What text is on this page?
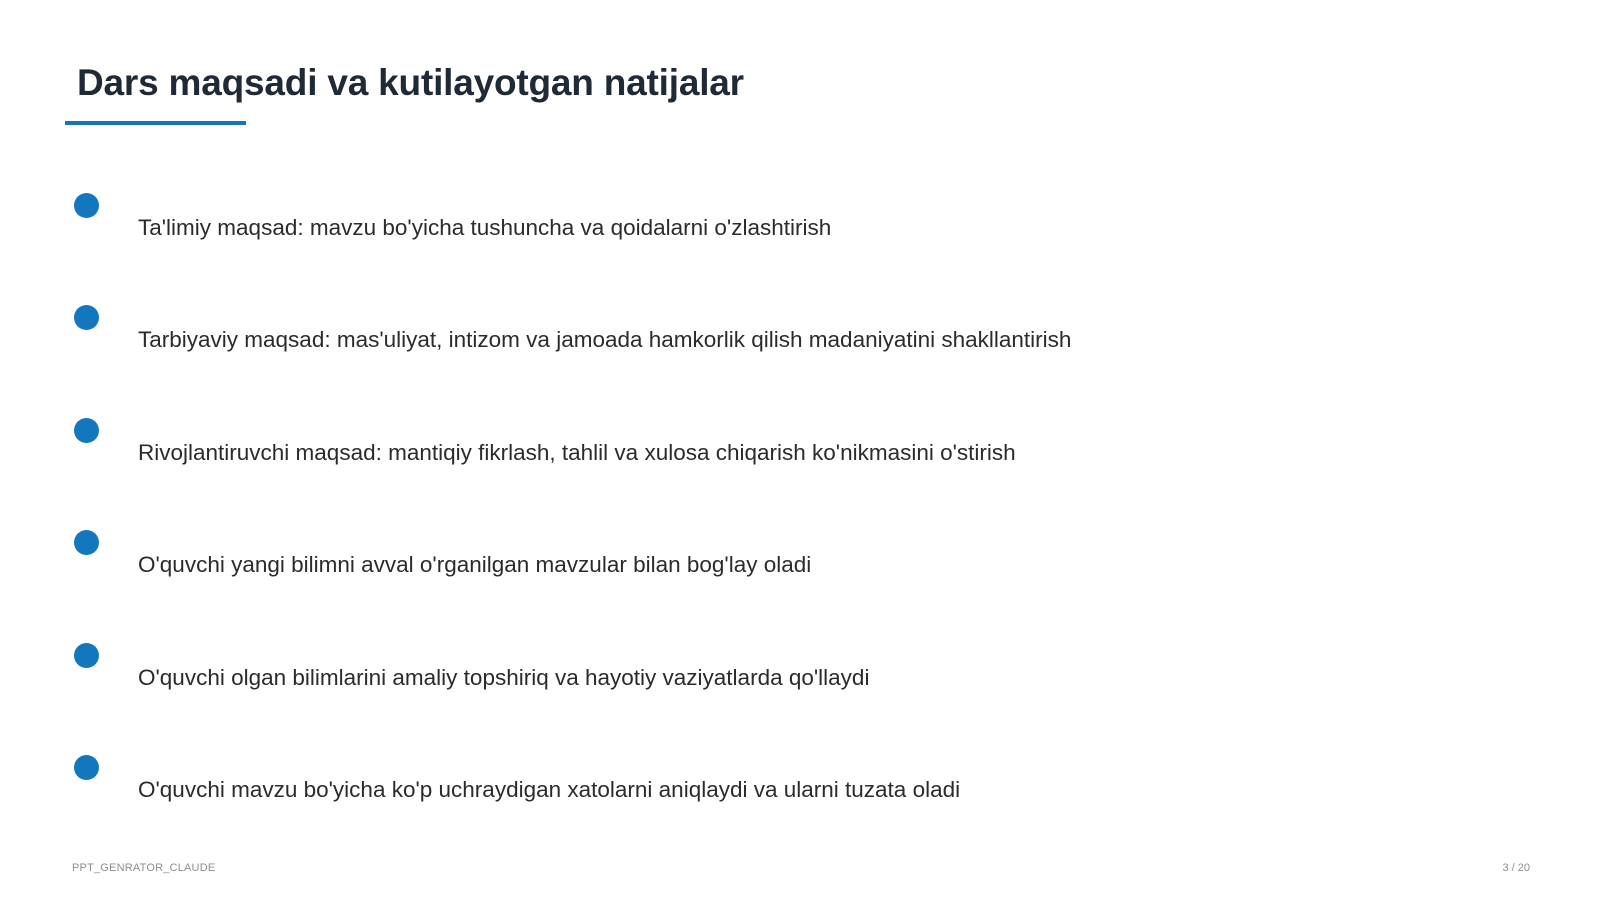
Dars maqsadi va kutilayotgan natijalar
Ta'limiy maqsad: mavzu bo'yicha tushuncha va qoidalarni o'zlashtirish
Tarbiyaviy maqsad: mas'uliyat, intizom va jamoada hamkorlik qilish madaniyatini shakllantirish
Rivojlantiruvchi maqsad: mantiqiy fikrlash, tahlil va xulosa chiqarish ko'nikmasini o'stirish
O'quvchi yangi bilimni avval o'rganilgan mavzular bilan bog'lay oladi
O'quvchi olgan bilimlarini amaliy topshiriq va hayotiy vaziyatlarda qo'llaydi
O'quvchi mavzu bo'yicha ko'p uchraydigan xatolarni aniqlaydi va ularni tuzata oladi
PPT_GENRATOR_CLAUDE	3 / 20
